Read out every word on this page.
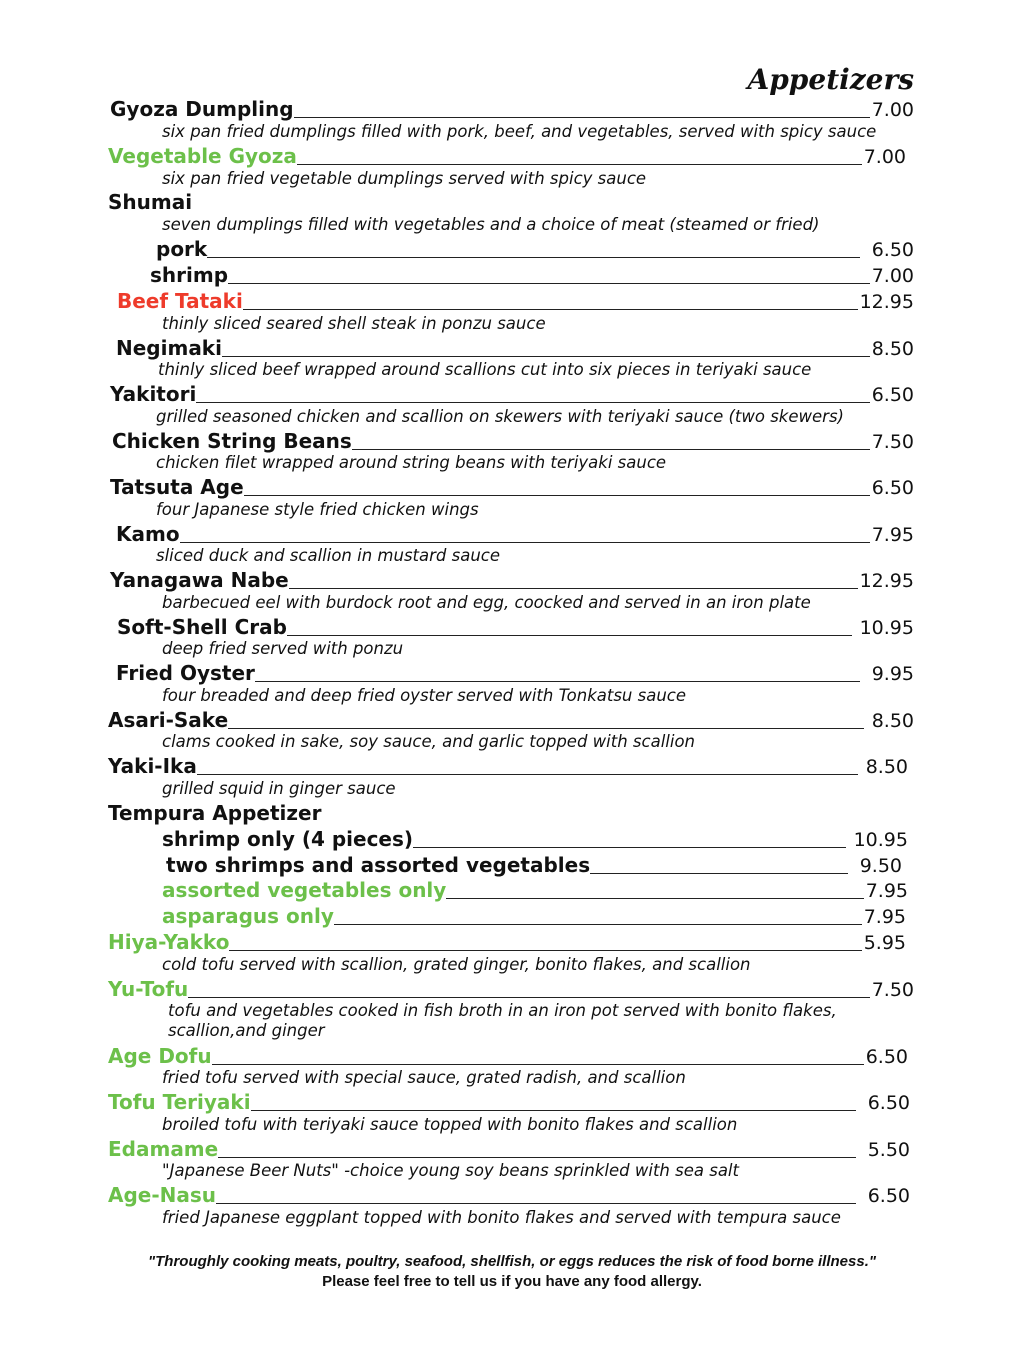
Appetizers
Gyoza Dumpling	7.00
six pan fried dumplings filled with pork, beef, and vegetables, served with spicy sauce
Vegetable Gyoza	7.00
six pan fried vegetable dumplings served with spicy sauce
Shumai
seven dumplings filled with vegetables and a choice of meat (steamed or fried)
pork	6.50
shrimp	7.00
Beef Tataki	12.95
thinly sliced seared shell steak in ponzu sauce
Negimaki	8.50
thinly sliced beef wrapped around scallions cut into six pieces in teriyaki sauce
Yakitori	6.50
grilled seasoned chicken and scallion on skewers with teriyaki sauce (two skewers)
Chicken String Beans	7.50
chicken filet wrapped around string beans with teriyaki sauce
Tatsuta Age	6.50
four Japanese style fried chicken wings
Kamo	7.95
sliced duck and scallion in mustard sauce
Yanagawa Nabe	12.95
barbecued eel with burdock root and egg, coocked and served in an iron plate
Soft-Shell Crab	10.95
deep fried served with ponzu
Fried Oyster	9.95
four breaded and deep fried oyster served with Tonkatsu sauce
Asari-Sake	8.50
clams cooked in sake, soy sauce, and garlic topped with scallion
Yaki-Ika	8.50
grilled squid in ginger sauce
Tempura Appetizer
shrimp only (4 pieces)	10.95
two shrimps and assorted vegetables	9.50
assorted vegetables only	7.95
asparagus only	7.95
Hiya-Yakko	5.95
cold tofu served with scallion, grated ginger, bonito flakes, and scallion
Yu-Tofu	7.50
tofu and vegetables cooked in fish broth in an iron pot served with bonito flakes, scallion,and ginger
Age Dofu	6.50
fried tofu served with special sauce, grated radish, and scallion
Tofu Teriyaki	6.50
broiled tofu with teriyaki sauce topped with bonito flakes and scallion
Edamame	5.50
"Japanese Beer Nuts" -choice young soy beans sprinkled with sea salt
Age-Nasu	6.50
fried Japanese eggplant topped with bonito flakes and served with tempura sauce
"Throughly cooking meats, poultry, seafood, shellfish, or eggs reduces the risk of food borne illness."
Please feel free to tell us if you have any food allergy.
